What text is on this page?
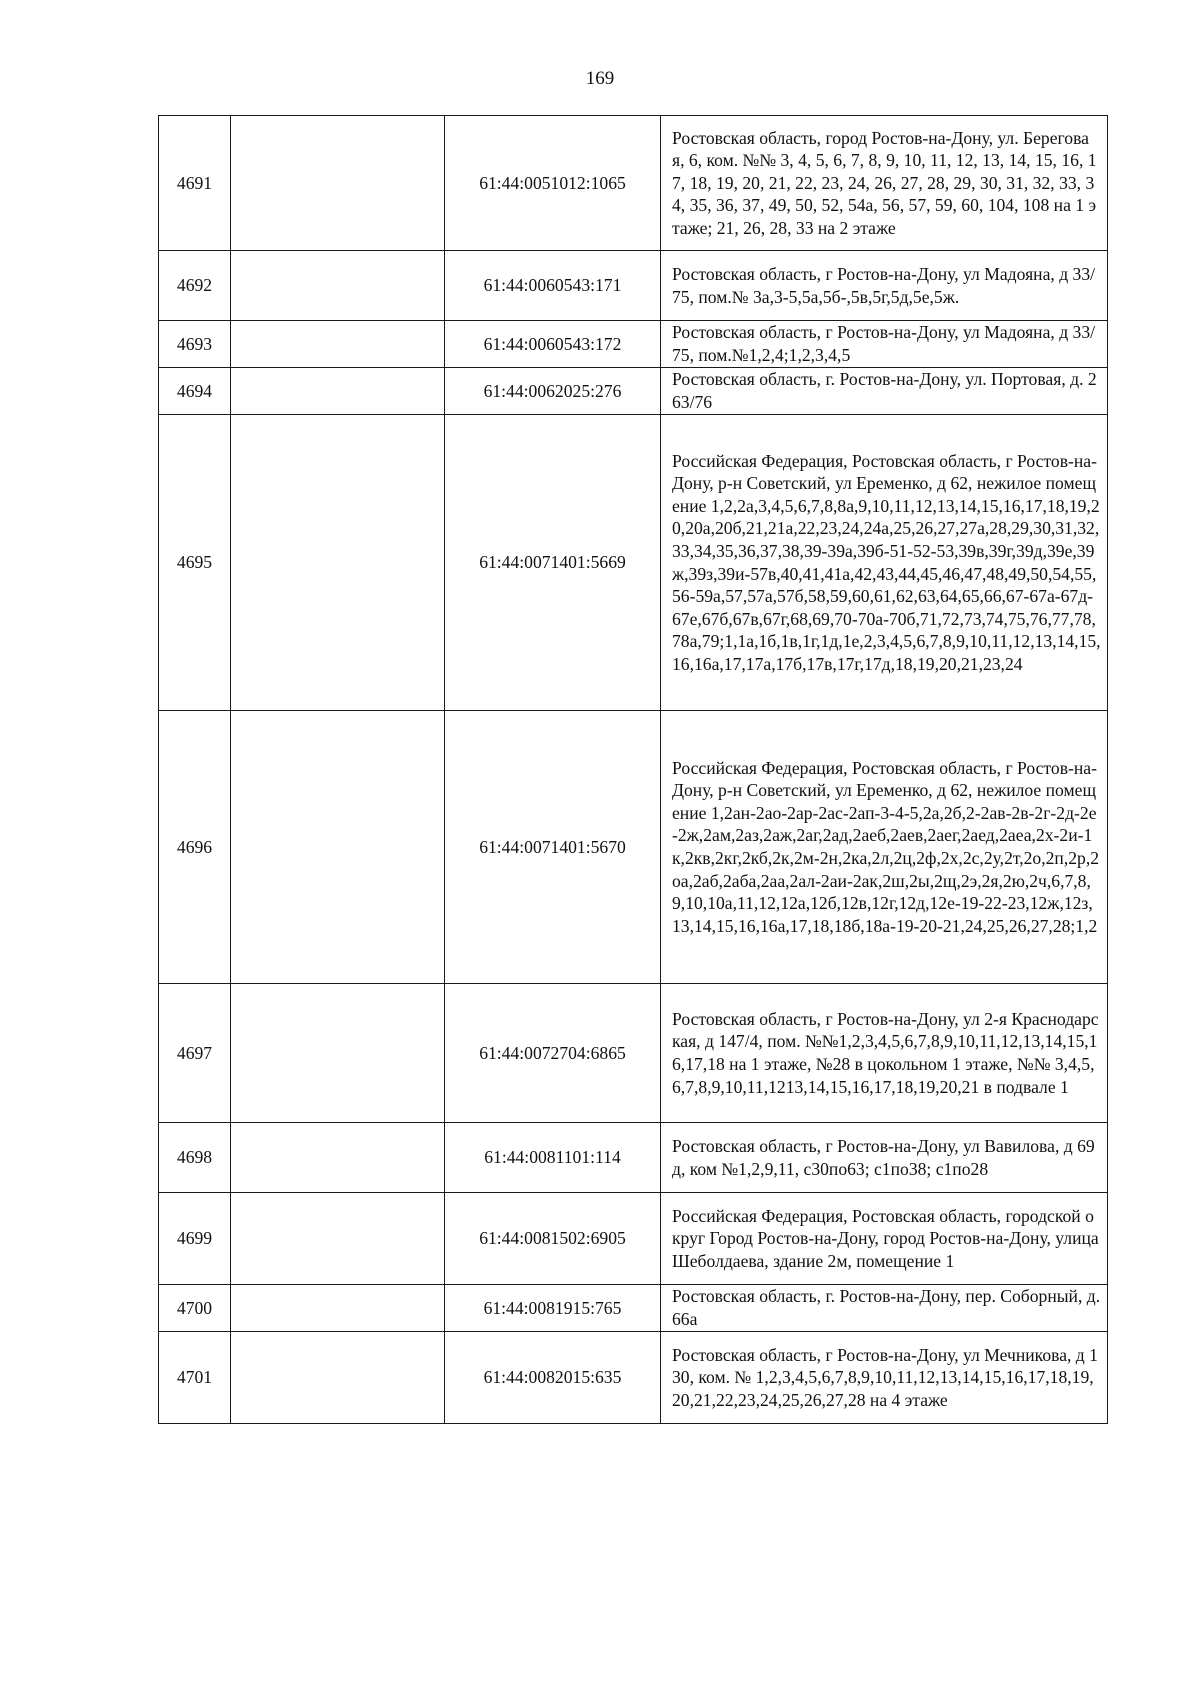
169
4691		61:44:0051012:1065	Ростовская область, город Ростов-на-Дону, ул. Береговая, 6, ком. №№ 3, 4, 5, 6, 7, 8, 9, 10, 11, 12, 13, 14, 15, 16, 17, 18, 19, 20, 21, 22, 23, 24, 26, 27, 28, 29, 30, 31, 32, 33, 34, 35, 36, 37, 49, 50, 52, 54а, 56, 57, 59, 60, 104, 108 на 1 этаже; 21, 26, 28, 33 на 2 этаже
4692		61:44:0060543:171	Ростовская область, г Ростов-на-Дону, ул Мадояна, д 33/75, пом.№ 3а,3-5,5а,5б-,5в,5г,5д,5е,5ж.
4693		61:44:0060543:172	Ростовская область, г Ростов-на-Дону, ул Мадояна, д 33/75, пом.№1,2,4;1,2,3,4,5
4694		61:44:0062025:276	Ростовская область, г. Ростов-на-Дону, ул. Портовая, д. 263/76
4695		61:44:0071401:5669	Российская Федерация, Ростовская область, г Ростов-на-Дону, р-н Советский, ул Еременко, д 62, нежилое помещение 1,2,2а,3,4,5,6,7,8,8а,9,10,11,12,13,14,15,16,17,18,19,20,20а,20б,21,21а,22,23,24,24а,25,26,27,27а,28,29,30,31,32,33,34,35,36,37,38,39-39а,39б-51-52-53,39в,39г,39д,39е,39ж,39з,39и-57в,40,41,41а,42,43,44,45,46,47,48,49,50,54,55,56-59а,57,57а,57б,58,59,60,61,62,63,64,65,66,67-67а-67д-67е,67б,67в,67г,68,69,70-70а-70б,71,72,73,74,75,76,77,78,78а,79;1,1а,1б,1в,1г,1д,1е,2,3,4,5,6,7,8,9,10,11,12,13,14,15,16,16а,17,17а,17б,17в,17г,17д,18,19,20,21,23,24
4696		61:44:0071401:5670	Российская Федерация, Ростовская область, г Ростов-на-Дону, р-н Советский, ул Еременко, д 62, нежилое помещение 1,2ан-2ао-2ар-2ас-2ап-3-4-5,2а,2б,2-2ав-2в-2г-2д-2е-2ж,2ам,2аз,2аж,2аг,2ад,2аеб,2аев,2аег,2аед,2аеа,2х-2и-1к,2кв,2кг,2кб,2к,2м-2н,2ка,2л,2ц,2ф,2х,2с,2у,2т,2о,2п,2р,2оа,2аб,2аба,2аа,2ал-2аи-2ак,2ш,2ы,2щ,2э,2я,2ю,2ч,6,7,8,9,10,10а,11,12,12а,12б,12в,12г,12д,12е-19-22-23,12ж,12з,13,14,15,16,16а,17,18,18б,18а-19-20-21,24,25,26,27,28;1,2
4697		61:44:0072704:6865	Ростовская область, г Ростов-на-Дону, ул 2-я Краснодарская, д 147/4, пом. №№1,2,3,4,5,6,7,8,9,10,11,12,13,14,15,16,17,18 на 1 этаже, №28 в цокольном 1 этаже, №№ 3,4,5,6,7,8,9,10,11,1213,14,15,16,17,18,19,20,21 в подвале 1
4698		61:44:0081101:114	Ростовская область, г Ростов-на-Дону, ул Вавилова, д 69д, ком №1,2,9,11, с30по63; с1по38; с1по28
4699		61:44:0081502:6905	Российская Федерация, Ростовская область, городской округ Город Ростов-на-Дону, город Ростов-на-Дону, улица Шеболдаева, здание 2м, помещение 1
4700		61:44:0081915:765	Ростовская область, г. Ростов-на-Дону, пер. Соборный, д. 66а
4701		61:44:0082015:635	Ростовская область, г Ростов-на-Дону, ул Мечникова, д 130, ком. № 1,2,3,4,5,6,7,8,9,10,11,12,13,14,15,16,17,18,19,20,21,22,23,24,25,26,27,28 на 4 этаже
